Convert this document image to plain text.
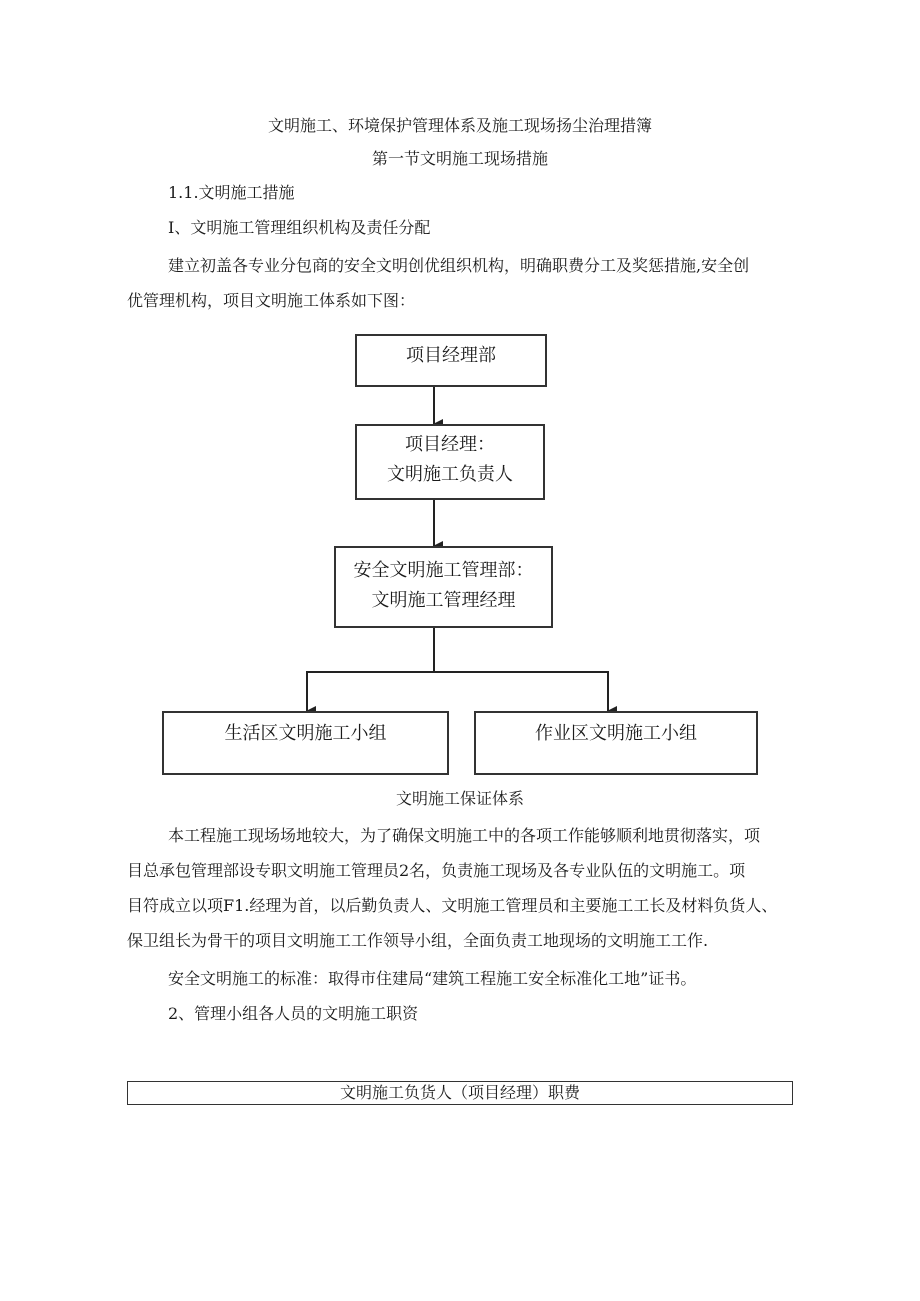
文明施工、环境保护管理体系及施工现场扬尘治理措簿
第一节文明施工现场措施
1.1.文明施工措施
I、文明施工管理组织机构及责任分配
建立初盖各专业分包商的安全文明创优组织机构，明确职费分工及奖惩措施,安全创
优管理机构，项目文明施工体系如下图：
项目经理部
项目经理：
文明施工负责人
安全文明施工管理部：
文明施工管理经理
生活区文明施工小组	作业区文明施工小组
文明施工保证体系
本工程施工现场场地较大，为了确保文明施工中的各项工作能够顺利地贯彻落实，项
目总承包管理部设专职文明施工管理员2名，负责施工现场及各专业队伍的文明施工。项
目符成立以项F1.经理为首，以后勤负责人、文明施工管理员和主要施工工长及材料负货人、
保卫组长为骨干的项目文明施工工作领导小组，全面负责工地现场的文明施工工作.
安全文明施工的标准：取得市住建局“建筑工程施工安全标准化工地”证书。
2、管理小组各人员的文明施工职资
文明施工负货人（项目经理）职费
